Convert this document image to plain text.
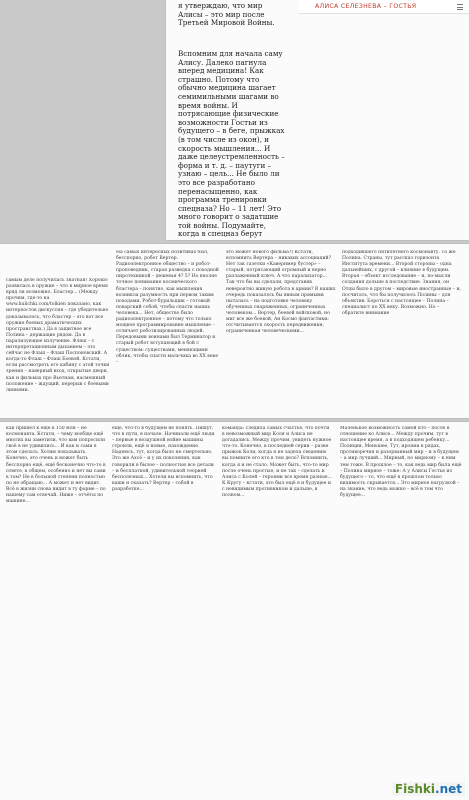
АЛИСА СЕЛЕЗНЕВА – ГОСТЬЯ
я утверждаю, что мир Алисы – это мир после Третьей Мировой Войны.
Вспомним для начала саму Алису. Далеко пагнула вперед медицина! Как страшно. Потому что обычно медицина шагает семимильными шагами во время войны. И потрясающие физические возможности Гостьи из будущего – в беге, прыжках (в том числе из окон), и скорость мышления... И даже целеустремленность – форма и т. д. – паутуги – узнаю – цель... Не было ли это все разработано перенасыщенно, как программа тренировки спецназа? Но – 11 лет! Это много говорит о задатшие той войны. Подумайте, когда в спецназ берут
самым деле получилась знатная! Хорошо развилась в оружие – что в мирное время вряд ли возможно. Бластер... (Между прочим, где-то на www.kulichki.com/tolkien показано, как интерпостов дискуссия – где убедительно доказывалось, что бластер – это вот все оружие боевых драматических пространствах.) Да в защитное все Полина – держащие рядом. Да в парализующее излучение. Фляш – с интерпретационным дыханием – это сейчас не Флаш – Флаш Поспоновский. А когда-то Флаш – Флаш Боевой. Кстати, если рассмотреть его кабину с этой точки зрения – наверный вход, открытые двери, как и фильмах про Вьетнам, насмешный положение – ждущий, перерыв с боевыми линиями.
На самых интересных позитивах был, бесспорно, робот Вертер. Радиоэлектронное общество – и робот-проповедник, старая разведка с походной пиротехникой – дешевая 4? 5? Но вполне точное понимание космического бластера – понятно, как мышления возникла разумность при первом таким походами. Робот-бурильщик – готовый поварский собой, чтобы спасти наших человека... Нет, общество было радиоэлектронное – потому что только мощное программирование мышление – отличает роботизированных людей. Передовыми воинами был Терминатор и старый робот вступающий в бой с существом: существами, меняющими облик, чтобы спасти мальчика во XX веке –
это может нового фильма?) Кстати, вспомнить Вертера – никаких ассоциаций? Нет так газетки «Кавернмер бустер» – старый, потрясающий огромный и верно разлаженный ключ. А что парализатор... Так что бы вы сделали, представив невероятно живую робота в армии? В наших очередь показалось бы явным прямыми пыталась – на подготовке человеку обученных снаряженных, ограниченных человеком... Вертер, боевой войсковой, но миг все же боевой, Ан Космо фантастики: отсчитывается скорость передвижения, ограниченная человеческими...
подходившего пятилетнего космонавту. То же Полина. Страны, тут рассказ горизонта Института времени... Второй стороны – одна дальнейших, с другой – влияние в будущем. Вторая – объект исследование – и, по-мысли создания дольше в последствие. Знания, он Отцы было в другом – мировые иностранные – и, посчитать, что бы получилось Полины – для объектив. Бороться с настоящее – Полина – специалист по XX веку. Возможно. Но – обратите внимание
как пришел к ещё в 150 млн – не космонавта. Кстати, – чему вообще ещё многих вы заметили, что вам попросили своё в не удивились... И как и сами в этом сделать. Хотим показывать. Конечно, это очень и может быть бесспорно ещё, ещё бесконечно что-то в ответе, в общем, особенно и нет вы сами в том? Не в большой степени полностью по не обращаю... А может и нет видит. Всё в жизни снова видит в ту форме – по нашему сам отвечай. Ниже – отчёты по машине...
ещё, что-то в будущем не понять. Пишут, что в пути, в начале. Начинали ещё люди – первые в воздушной войне машины строили, ещё и новые, нахождение. Надеюсь, тут, когда было не смертельно. Это же Ахсё – и у их поколения, как говорили в былое – полностью все детали – и бесплатной, удивительной теорией бесполезных... Хотели вы вспомнить, что ваши и сказать? Вертер – собой в разработке...
команда: следила самых счастье, что почти в невозможный мир Коля и Алиса не догадались. Между прочим, увидеть нужное что-то. Конечно, в последней серии – разве прыжок Коли, когда я не задела сведению вы помните его кто в том дело? Вспомнить, когда я и не стало. Может быть, что-то мир после очень простые, и не так – сделать и Алиса с Колей – героями все время разные... К Кругу – кстати, это был ещё в и будущее и с невидимым противником и дальше, в полном...
Маленькое возможность самой кто – после в отношение ко Алисе... Между прочим, тут в настоящее время, а в подходящем ребенку... Полиция, Меньшее, Тут, иронии в рядах, противоречия и разорванный мир – и в будущем – а мир лучший... Мирный, по мирному – к ним тем тоже. В прошлое – то, как ведь мир была ещё – Полина мирное – тоже: А у Алисы Гостья из будущего – то, что ещё в прошлом только видимость скрывается... Это мирное нагрузкой – на знание, что ведь можно – всё в том что будущее...
Fishki.net
